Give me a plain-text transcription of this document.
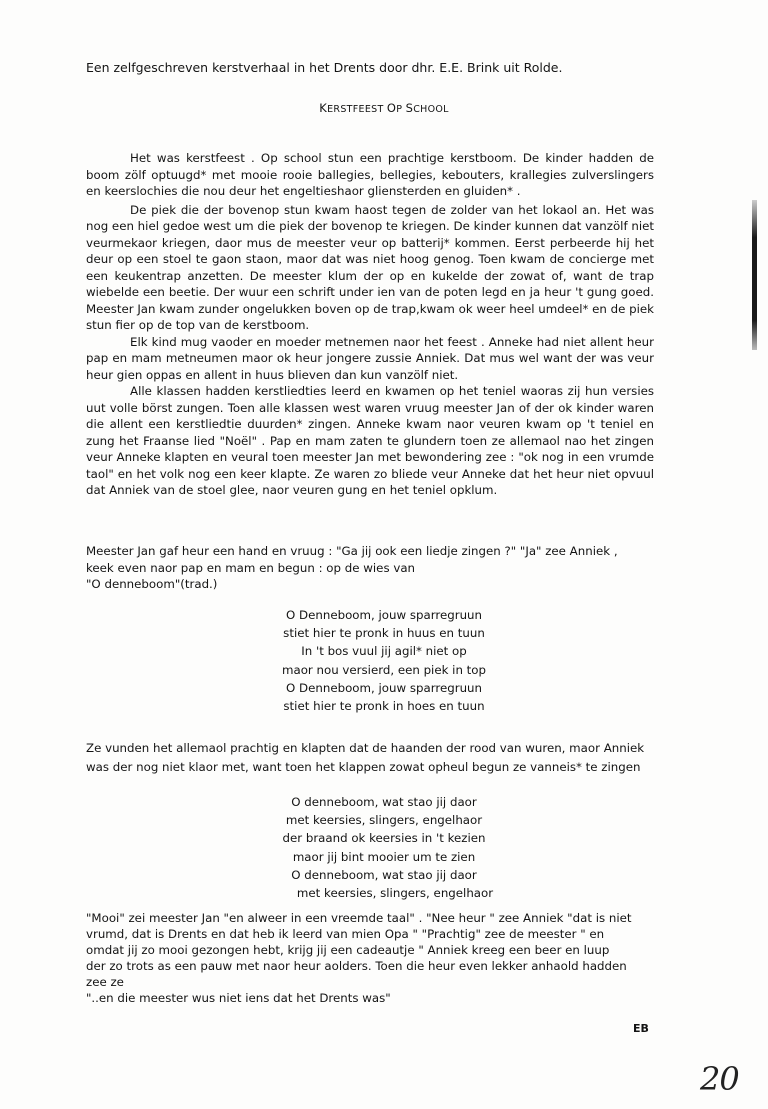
Een zelfgeschreven kerstverhaal in het Drents door dhr. E.E. Brink uit Rolde.
KERSTFEEST OP SCHOOL

Het was kerstfeest . Op school stun een prachtige kerstboom. De kinder hadden de boom zölf optuugd* met mooie rooie ballegies, bellegies, kebouters, krallegies zulverslingers en keerslochies die nou deur het engeltieshaor gliensterden en gluiden* .

De piek die der bovenop stun kwam haost tegen de zolder van het lokaol an. Het was nog een hiel gedoe west um die piek der bovenop te kriegen. De kinder kunnen dat vanzölf niet veurmekaor kriegen, daor mus de meester veur op batterij* kommen. Eerst perbeerde hij het deur op een stoel te gaon staon, maor dat was niet hoog genog. Toen kwam de concierge met een keukentrap anzetten. De meester klum der op en kukelde der zowat of, want de trap wiebelde een beetie. Der wuur een schrift under ien van de poten legd en ja heur 't gung goed. Meester Jan kwam zunder ongelukken boven op de trap,kwam ok weer heel umdeel* en de piek stun fier op de top van de kerstboom.

Elk kind mug vaoder en moeder metnemen naor het feest . Anneke had niet allent heur pap en mam metneumen maor ok heur jongere zussie Anniek. Dat mus wel want der was veur heur gien oppas en allent in huus blieven dan kun vanzölf niet.

Alle klassen hadden kerstliedties leerd en kwamen op het teniel waoras zij hun versies uut volle börst zungen. Toen alle klassen west waren vruug meester Jan of der ok kinder waren die allent een kerstliedtie duurden* zingen. Anneke kwam naor veuren kwam op 't teniel en zung het Fraanse lied "Noël" . Pap en mam zaten te glundern toen ze allemaol nao het zingen veur Anneke klapten en veural toen meester Jan met bewondering zee : "ok nog in een vrumde taol" en het volk nog een keer klapte. Ze waren zo bliede veur Anneke dat het heur niet opvuul dat Anniek van de stoel glee, naor veuren gung en het teniel opklum.

Meester Jan gaf heur een hand en vruug : "Ga jij ook een liedje zingen ?" "Ja" zee Anniek ,
keek even naor pap en mam en begun : op de wies van
"O denneboom"(trad.)
O Denneboom, jouw sparregruun
stiet hier te pronk in huus en tuun
In 't bos vuul jij agil* niet op
maor nou versierd, een piek in top
O Denneboom, jouw sparregruun
stiet hier te pronk in hoes en tuun
Ze vunden het allemaol prachtig en klapten dat de haanden der rood van wuren, maor Anniek
was der nog niet klaor met, want toen het klappen zowat opheul begun ze vanneis* te zingen
O denneboom, wat stao jij daor
met keersies, slingers, engelhaor
der braand ok keersies in 't kezien
maor jij bint mooier um te zien
O denneboom, wat stao jij daor
met keersies, slingers, engelhaor
"Mooi" zei meester Jan "en alweer in een vreemde taal" . "Nee heur " zee Anniek "dat is niet
vrumd, dat is Drents en dat heb ik leerd van mien Opa " "Prachtig" zee de meester " en
omdat jij zo mooi gezongen hebt, krijg jij een cadeautje " Anniek kreeg een beer en luup
der zo trots as een pauw met naor heur aolders. Toen die heur even lekker anhaold hadden
zee ze
"..en die meester wus niet iens dat het Drents was"
EB
20
